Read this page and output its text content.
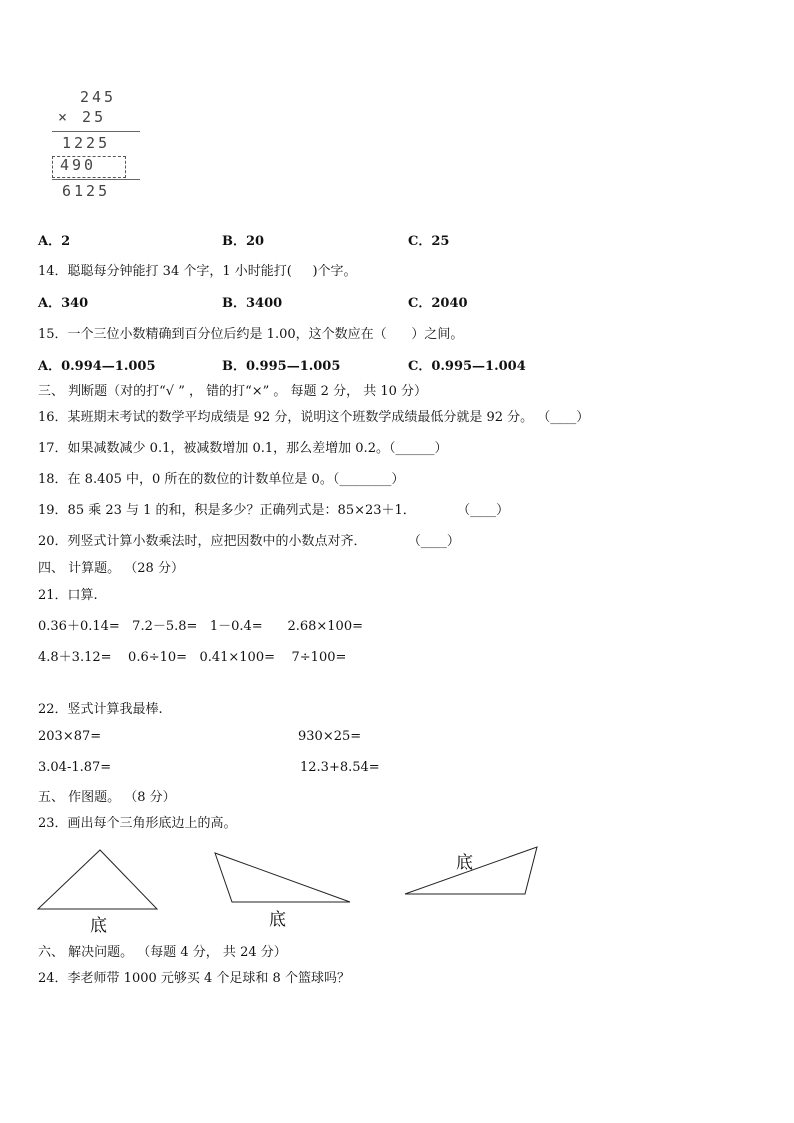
245
× 25
1225
490
6125
A．2	B．20	C．25
14．聪聪每分钟能打 34 个字，1 小时能打(     )个字。
A．340	B．3400	C．2040
15．一个三位小数精确到百分位后约是 1.00，这个数应在（      ）之间。
A．0.994—1.005	B．0.995—1.005	C．0.995—1.004
三、 判断题（对的打“√ ” ， 错的打“×” 。 每题 2 分， 共 10 分）
16．某班期末考试的数学平均成绩是 92 分，说明这个班数学成绩最低分就是 92 分。 （____）
17．如果减数减少 0.1，被减数增加 0.1，那么差增加 0.2。（______）
18．在 8.405 中，0 所在的数位的计数单位是 0。（________）
19．85 乘 23 与 1 的和，积是多少？正确列式是：85×23＋1．          （____）
20．列竖式计算小数乘法时，应把因数中的小数点对齐．          （____）
四、 计算题。 （28 分）
21．口算.
0.36＋0.14=   7.2－5.8=   1－0.4=      2.68×100=
4.8＋3.12=    0.6÷10=   0.41×100=    7÷100=
22．竖式计算我最棒.
203×87=	930×25=
3.04-1.87=	12.3+8.54=
五、 作图题。 （8 分）
23．画出每个三角形底边上的高。
底	底
底
六、 解决问题。 （每题 4 分， 共 24 分）
24．李老师带 1000 元够买 4 个足球和 8 个篮球吗？
